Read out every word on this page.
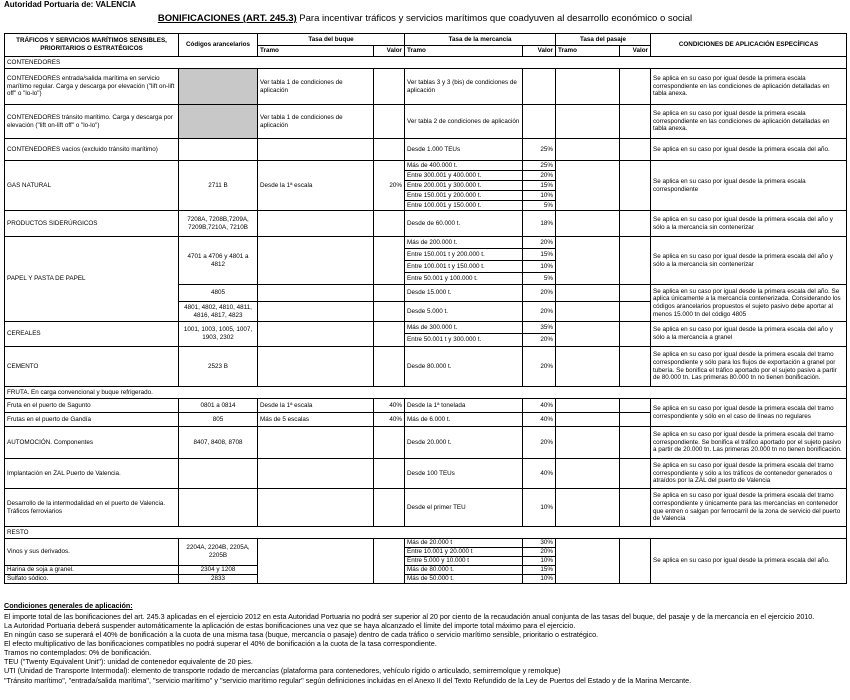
Autoridad Portuaria de: VALENCIA
BONIFICACIONES (ART. 245.3) Para incentivar tráficos y servicios marítimos que coadyuven al desarrollo económico o social
TRÁFICOS Y SERVICIOS MARÍTIMOS SENSIBLES, PRIORITARIOS O ESTRATÉGICOS	Códigos arancelarios	Tasa del buque		Tasa de la mercancía		Tasa del pasaje		CONDICIONES DE APLICACIÓN ESPECÍFICAS
		Tramo	Valor	Tramo	Valor	Tramo	Valor	
CONTENEDORES								
CONTENEDORES entrada/salida marítima en servicio marítimo regular. Carga y descarga por elevación ("lift on-lift off" o "lo-lo")		Ver tabla 1 de condiciones de aplicación		Ver tablas 3 y 3 (bis) de condiciones de aplicación				Se aplica en su caso por igual desde la primera escala correspondiente en las condiciones de aplicación detalladas en tabla anexa.
CONTENEDORES tránsito marítimo. Carga y descarga por elevación ("lift on-lift off" o "lo-lo")		Ver tabla 1 de condiciones de aplicación		Ver tabla 2 de condiciones de aplicación				Se aplica en su caso por igual desde la primera escala correspondiente en las condiciones de aplicación detalladas en tabla anexa.
CONTENEDORES vacíos (excluido tránsito marítimo)				Desde 1.000 TEUs	25%			Se aplica en su caso por igual desde la primera escala del año.
GAS NATURAL	2711 B	Desde la 1ª escala	20%	Más de 400.000 t.	25%			Se aplica en su caso por igual desde la primera escala correspondiente
				Entre 300.001 y 400.000 t.	20%			
				Entre 200.001 y 300.000 t.	15%			
				Entre 150.001 y 200.000 t.	10%			
				Entre 100.001 y 150.000 t.	5%			
PRODUCTOS SIDERÚRGICOS	7208A, 7208B,7209A, 7209B,7210A, 7210B			Desde de 60.000 t.	18%			Se aplica en su caso por igual desde la primera escala del año y sólo a la mercancía sin contenerizar
PAPEL Y PASTA DE PAPEL	4701 a 4706 y 4801 a 4812			Más de 200.000 t.	20%			Se aplica en su caso por igual desde la primera escala del año y sólo a la mercancía sin contenerizar
				Entre 150.001 t y 200.000 t.	15%			
				Entre 100.001 t y 150.000 t.	10%			
				Entre 50.001 y 100.000 t.	5%			
	4805			Desde 15.000 t.	20%			Se aplica en su caso por igual desde la primera escala del año. Se aplica únicamente a la mercancía contenerizada. Considerando los códigos arancelarios propuestos el sujeto pasivo debe aportar al menos 15.000 tn del código 4805
	4801, 4802, 4810, 4811, 4816, 4817, 4823			Desde 5.000 t.	20%			
CEREALES	1001, 1003, 1005, 1007, 1903, 2302			Más de 300.000 t.	35%			Se aplica en su caso por igual desde la primera escala del año y sólo a la mercancía a granel
				Entre 50.001 t y 300.000 t.	20%			
CEMENTO	2523 B			Desde 80.000 t.	20%			Se aplica en su caso por igual desde la primera escala del tramo correspondiente y sólo para los flujos de exportación a granel por tubería. Se bonifica el tráfico aportado por el sujeto pasivo a partir de 80.000 tn. Las primeras 80.000 tn no tienen bonificación.
FRUTA. En carga convencional y buque refrigerado.								
Fruta en el puerto de Sagunto	0801 a 0814	Desde la 1ª escala	40%	Desde la 1ª tonelada	40%			Se aplica en su caso por igual desde la primera escala del tramo correspondiente y sólo en el caso de líneas no regulares
Frutas en el puerto de Gandía	805	Más de 5 escalas	40%	Más de 6.000 t.	40%			
AUTOMOCIÓN. Componentes	8407, 8408, 8708			Desde 20.000 t.	20%			Se aplica en su caso por igual desde la primera escala del tramo correspondiente. Se bonifica el tráfico aportado por el sujeto pasivo a partir de 20.000 tn. Las primeras 20.000 tn no tienen bonificación.
Implantación en ZAL Puerto de Valencia.				Desde 100 TEUs	40%			Se aplica en su caso por igual desde la primera escala del tramo correspondiente y sólo a los tráficos de contenedor generados o atraídos por la ZAL del puerto de Valencia
Desarrollo de la intermodalidad en el puerto de Valencia. Tráficos ferroviarios				Desde el primer TEU	10%			Se aplica en su caso por igual desde la primera escala del tramo correspondiente y únicamente para las mercancías en contenedor que entren o salgan por ferrocarril de la zona de servicio del puerto de Valencia
RESTO								
Vinos y sus derivados.	2204A, 2204B, 2205A, 2205B			Más de 20.000 t	30%			Se aplica en su caso por igual desde la primera escala del año.
				Entre 10.001 y 20.000 t	20%			
				Entre 5.000 y 10.000 t	10%			
Harina de soja a granel.	2304 y 1208			Más de 80.000 t.	15%			
Sulfato sódico.	2833			Más de 50.000 t.	10%			
Condiciones generales de aplicación:

El importe total de las bonificaciones del art. 245.3 aplicadas en el ejercicio 2012 en esta Autoridad Portuaria no podrá ser superior al 20 por ciento de la recaudación anual conjunta de las tasas del buque, del pasaje y de la mercancía en el ejercicio 2010.

La Autoridad Portuaria deberá suspender automáticamente la aplicación de estas bonificaciones una vez que se haya alcanzado el límite del importe total máximo para el ejercicio.

En ningún caso se superará el 40% de bonificación a la cuota de una misma tasa (buque, mercancía o pasaje) dentro de cada tráfico o servicio marítimo sensible, prioritario o estratégico.

El efecto multiplicativo de las bonificaciones compatibles no podrá superar el 40% de bonificación a la cuota de la tasa correspondiente.

Tramos no contemplados: 0% de bonificación.

TEU ("Twenty Equivalent Unit"): unidad de contenedor equivalente de 20 pies.

UTI (Unidad de Transporte Intermodal): elemento de transporte rodado de mercancías (plataforma para contenedores, vehículo rígido o articulado, semirremolque y remolque)

"Tránsito marítimo", "entrada/salida marítima", "servicio marítimo" y "servicio marítimo regular" según definiciones incluidas en el Anexo II del Texto Refundido de la Ley de Puertos del Estado y de la Marina Mercante.
